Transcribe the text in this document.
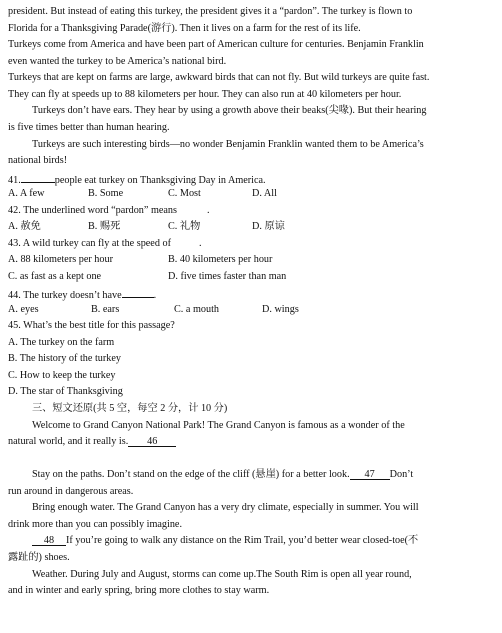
president. But instead of eating this turkey, the president gives it a “pardon”. The turkey is flown to
Florida for a Thanksgiving Parade(游行). Then it lives on a farm for the rest of its life.
Turkeys come from America and have been part of American culture for centuries. Benjamin Franklin
even wanted the turkey to be America’s national bird.
Turkeys that are kept on farms are large, awkward birds that can not fly. But wild turkeys are quite fast.
They can fly at speeds up to 88 kilometers per hour. They can also run at 40 kilometers per hour.
Turkeys don’t have ears. They hear by using a growth above their beaks(尖喙). But their hearing
is five times better than human hearing.
Turkeys are such interesting birds—no wonder Benjamin Franklin wanted them to be America’s
national birds!
41.	people eat turkey on Thanksgiving Day in America.
A. A few	B. Some	C. Most	D. All
42. The underlined word “pardon” means	.
A. 赦免	B. 赐死	C. 礼物	D. 原谅
43. A wild turkey can fly at the speed of	.
A. 88 kilometers per hour	B. 40 kilometers per hour
C. as fast as a kept one	D. five times faster than man
44. The turkey doesn’t have	.
A. eyes	B. ears	C. a mouth	D. wings
45. What’s the best title for this passage?
A. The turkey on the farm
B. The history of the turkey
C. How to keep the turkey
D. The star of Thanksgiving
三、短文还原(共 5 空，每空 2 分，计 10 分)
Welcome to Grand Canyon National Park! The Grand Canyon is famous as a wonder of the
natural world, and it really is. 46
Stay on the paths. Don’t stand on the edge of the cliff (悬崖) for a better look. 47 Don’t
run around in dangerous areas.
Bring enough water. The Grand Canyon has a very dry climate, especially in summer. You will
drink more than you can possibly imagine.
48 If you’re going to walk any distance on the Rim Trail, you’d better wear closed-toe(不
露趾的) shoes.
Weather. During July and August, storms can come up.The South Rim is open all year round,
and in winter and early spring, bring more clothes to stay warm.
